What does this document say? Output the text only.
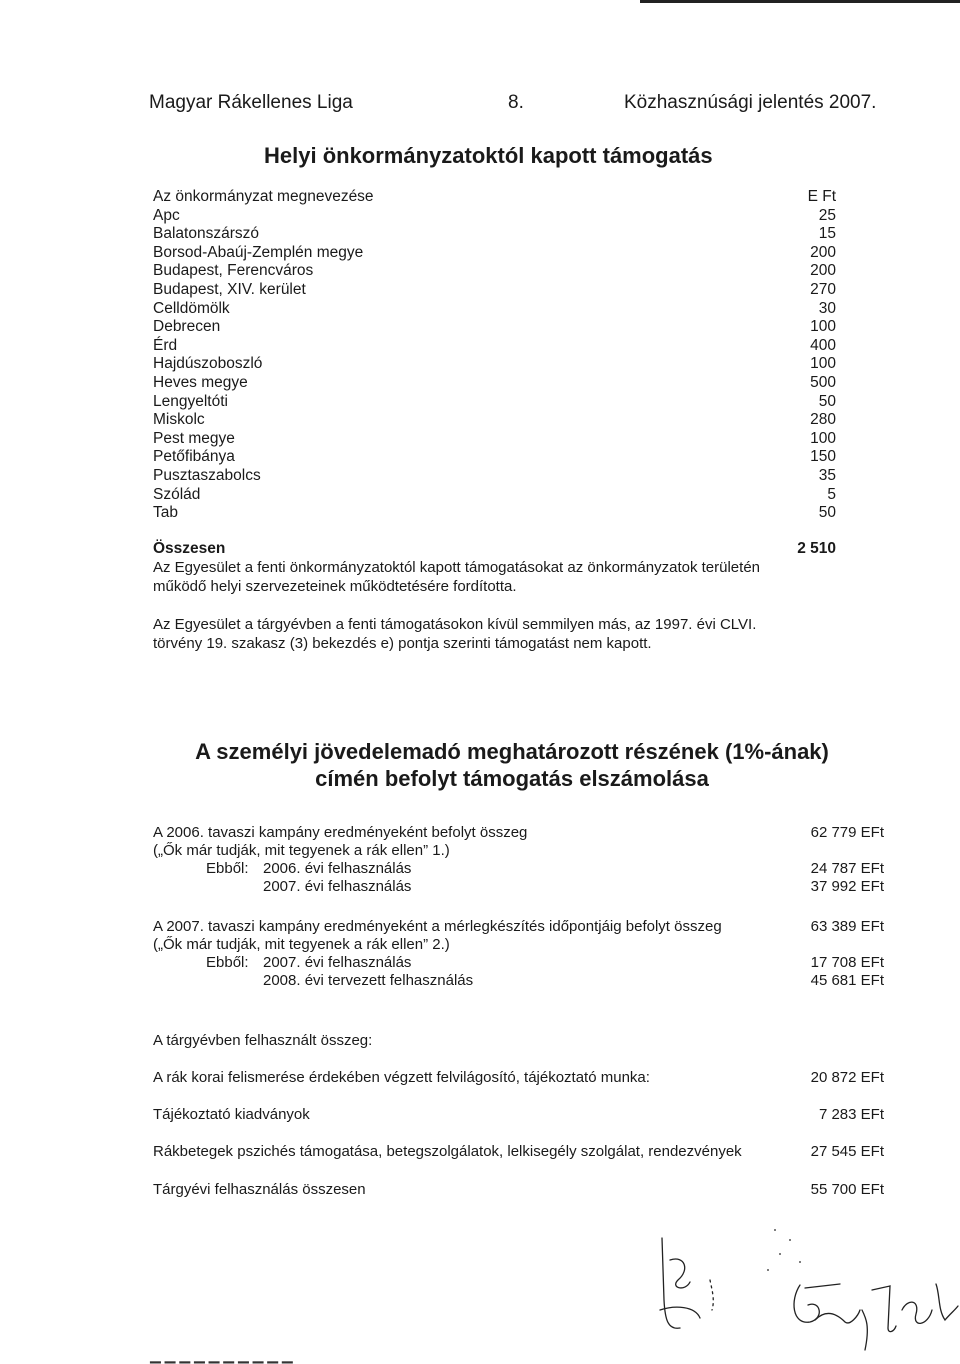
Magyar Rákellenes Liga	8.	Közhasznúsági jelentés 2007.
Helyi önkormányzatoktól kapott támogatás
Az önkormányzat megnevezése	E Ft
Apc	25
Balatonszárszó	15
Borsod-Abaúj-Zemplén megye	200
Budapest, Ferencváros	200
Budapest, XIV. kerület	270
Celldömölk	30
Debrecen	100
Érd	400
Hajdúszoboszló	100
Heves megye	500
Lengyeltóti	50
Miskolc	280
Pest megye	100
Petőfibánya	150
Pusztaszabolcs	35
Szólád	5
Tab	50
Összesen	2 510
Az Egyesület a fenti önkormányzatoktól kapott támogatásokat az önkormányzatok területén
működő helyi szervezeteinek működtetésére fordította.
Az Egyesület a tárgyévben a fenti támogatásokon kívül semmilyen más, az 1997. évi CLVI.
törvény 19. szakasz (3) bekezdés e) pontja szerinti támogatást nem kapott.
A személyi jövedelemadó meghatározott részének (1%-ának)
címén befolyt támogatás elszámolása
A 2006. tavaszi kampány eredményeként befolyt összeg	62 779 EFt
(„Ők már tudják, mit tegyenek a rák ellen” 1.)
Ebből: 2006. évi felhasználás	24 787 EFt
2007. évi felhasználás	37 992 EFt
A 2007. tavaszi kampány eredményeként a mérlegkészítés időpontjáig befolyt összeg	63 389 EFt
(„Ők már tudják, mit tegyenek a rák ellen” 2.)
Ebből: 2007. évi felhasználás	17 708 EFt
2008. évi tervezett felhasználás	45 681 EFt
A tárgyévben felhasznált összeg:
A rák korai felismerése érdekében végzett felvilágosító, tájékoztató munka:	20 872 EFt
Tájékoztató kiadványok	7 283 EFt
Rákbetegek pszichés támogatása, betegszolgálatok, lelkisegély szolgálat, rendezvények	27 545 EFt
Tárgyévi felhasználás összesen	55 700 EFt
▁ ▁ ▁ ▁ ▁ ▁ ▁ ▁ ▁ ▁
